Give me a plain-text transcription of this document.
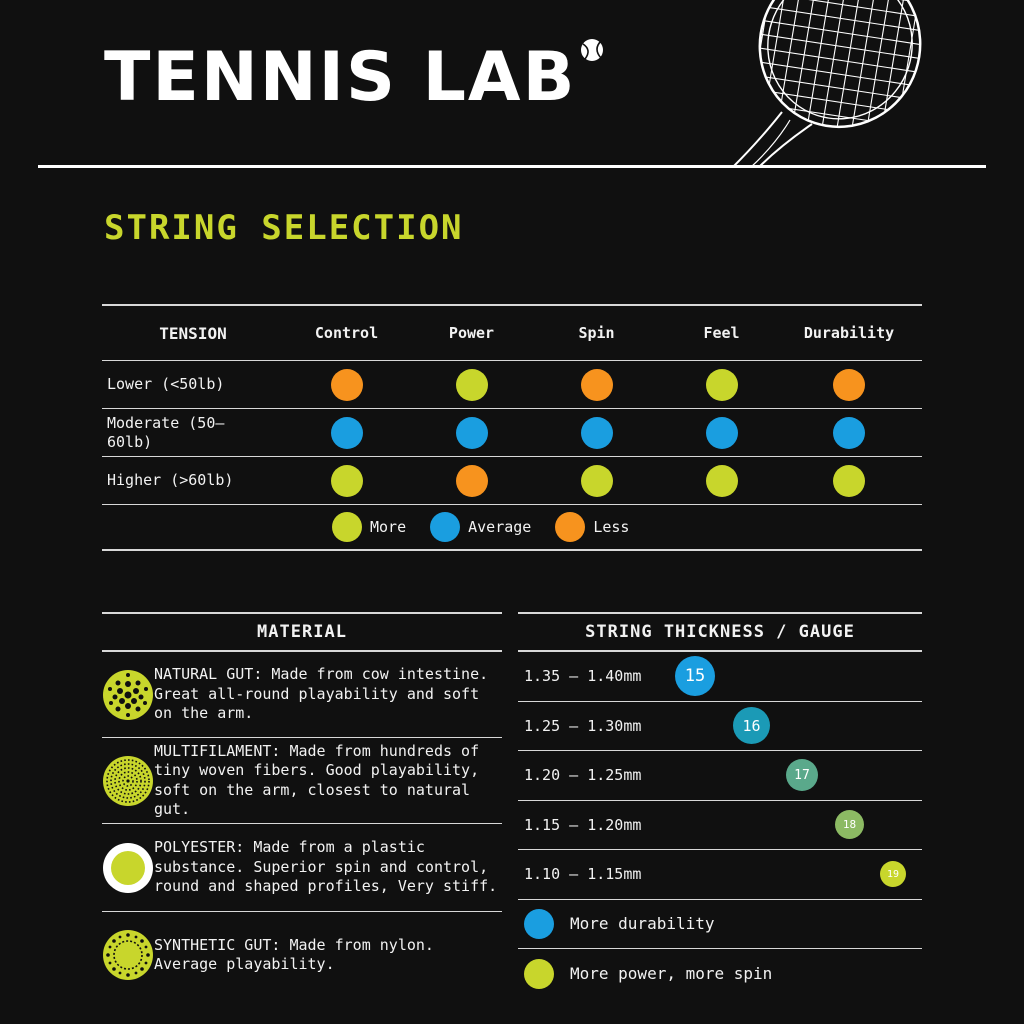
TENNIS LAB
STRING SELECTION
TENSION	Control	Power	Spin	Feel	Durability
Lower (<50lb)
Moderate (50–60lb)
Higher (>60lb)
More	Average	Less
MATERIAL
NATURAL GUT: Made from cow intestine. Great all-round playability and soft on the arm.
MULTIFILAMENT: Made from hundreds of tiny woven fibers. Good playability, soft on the arm, closest to natural gut.
POLYESTER: Made from a plastic substance. Superior spin and control, round and shaped profiles, Very stiff.
SYNTHETIC GUT: Made from nylon. Average playability.
STRING THICKNESS / GAUGE
1.35 – 1.40mm	15
1.25 – 1.30mm	16
1.20 – 1.25mm	17
1.15 – 1.20mm	18
1.10 – 1.15mm	19
More durability
More power, more spin
